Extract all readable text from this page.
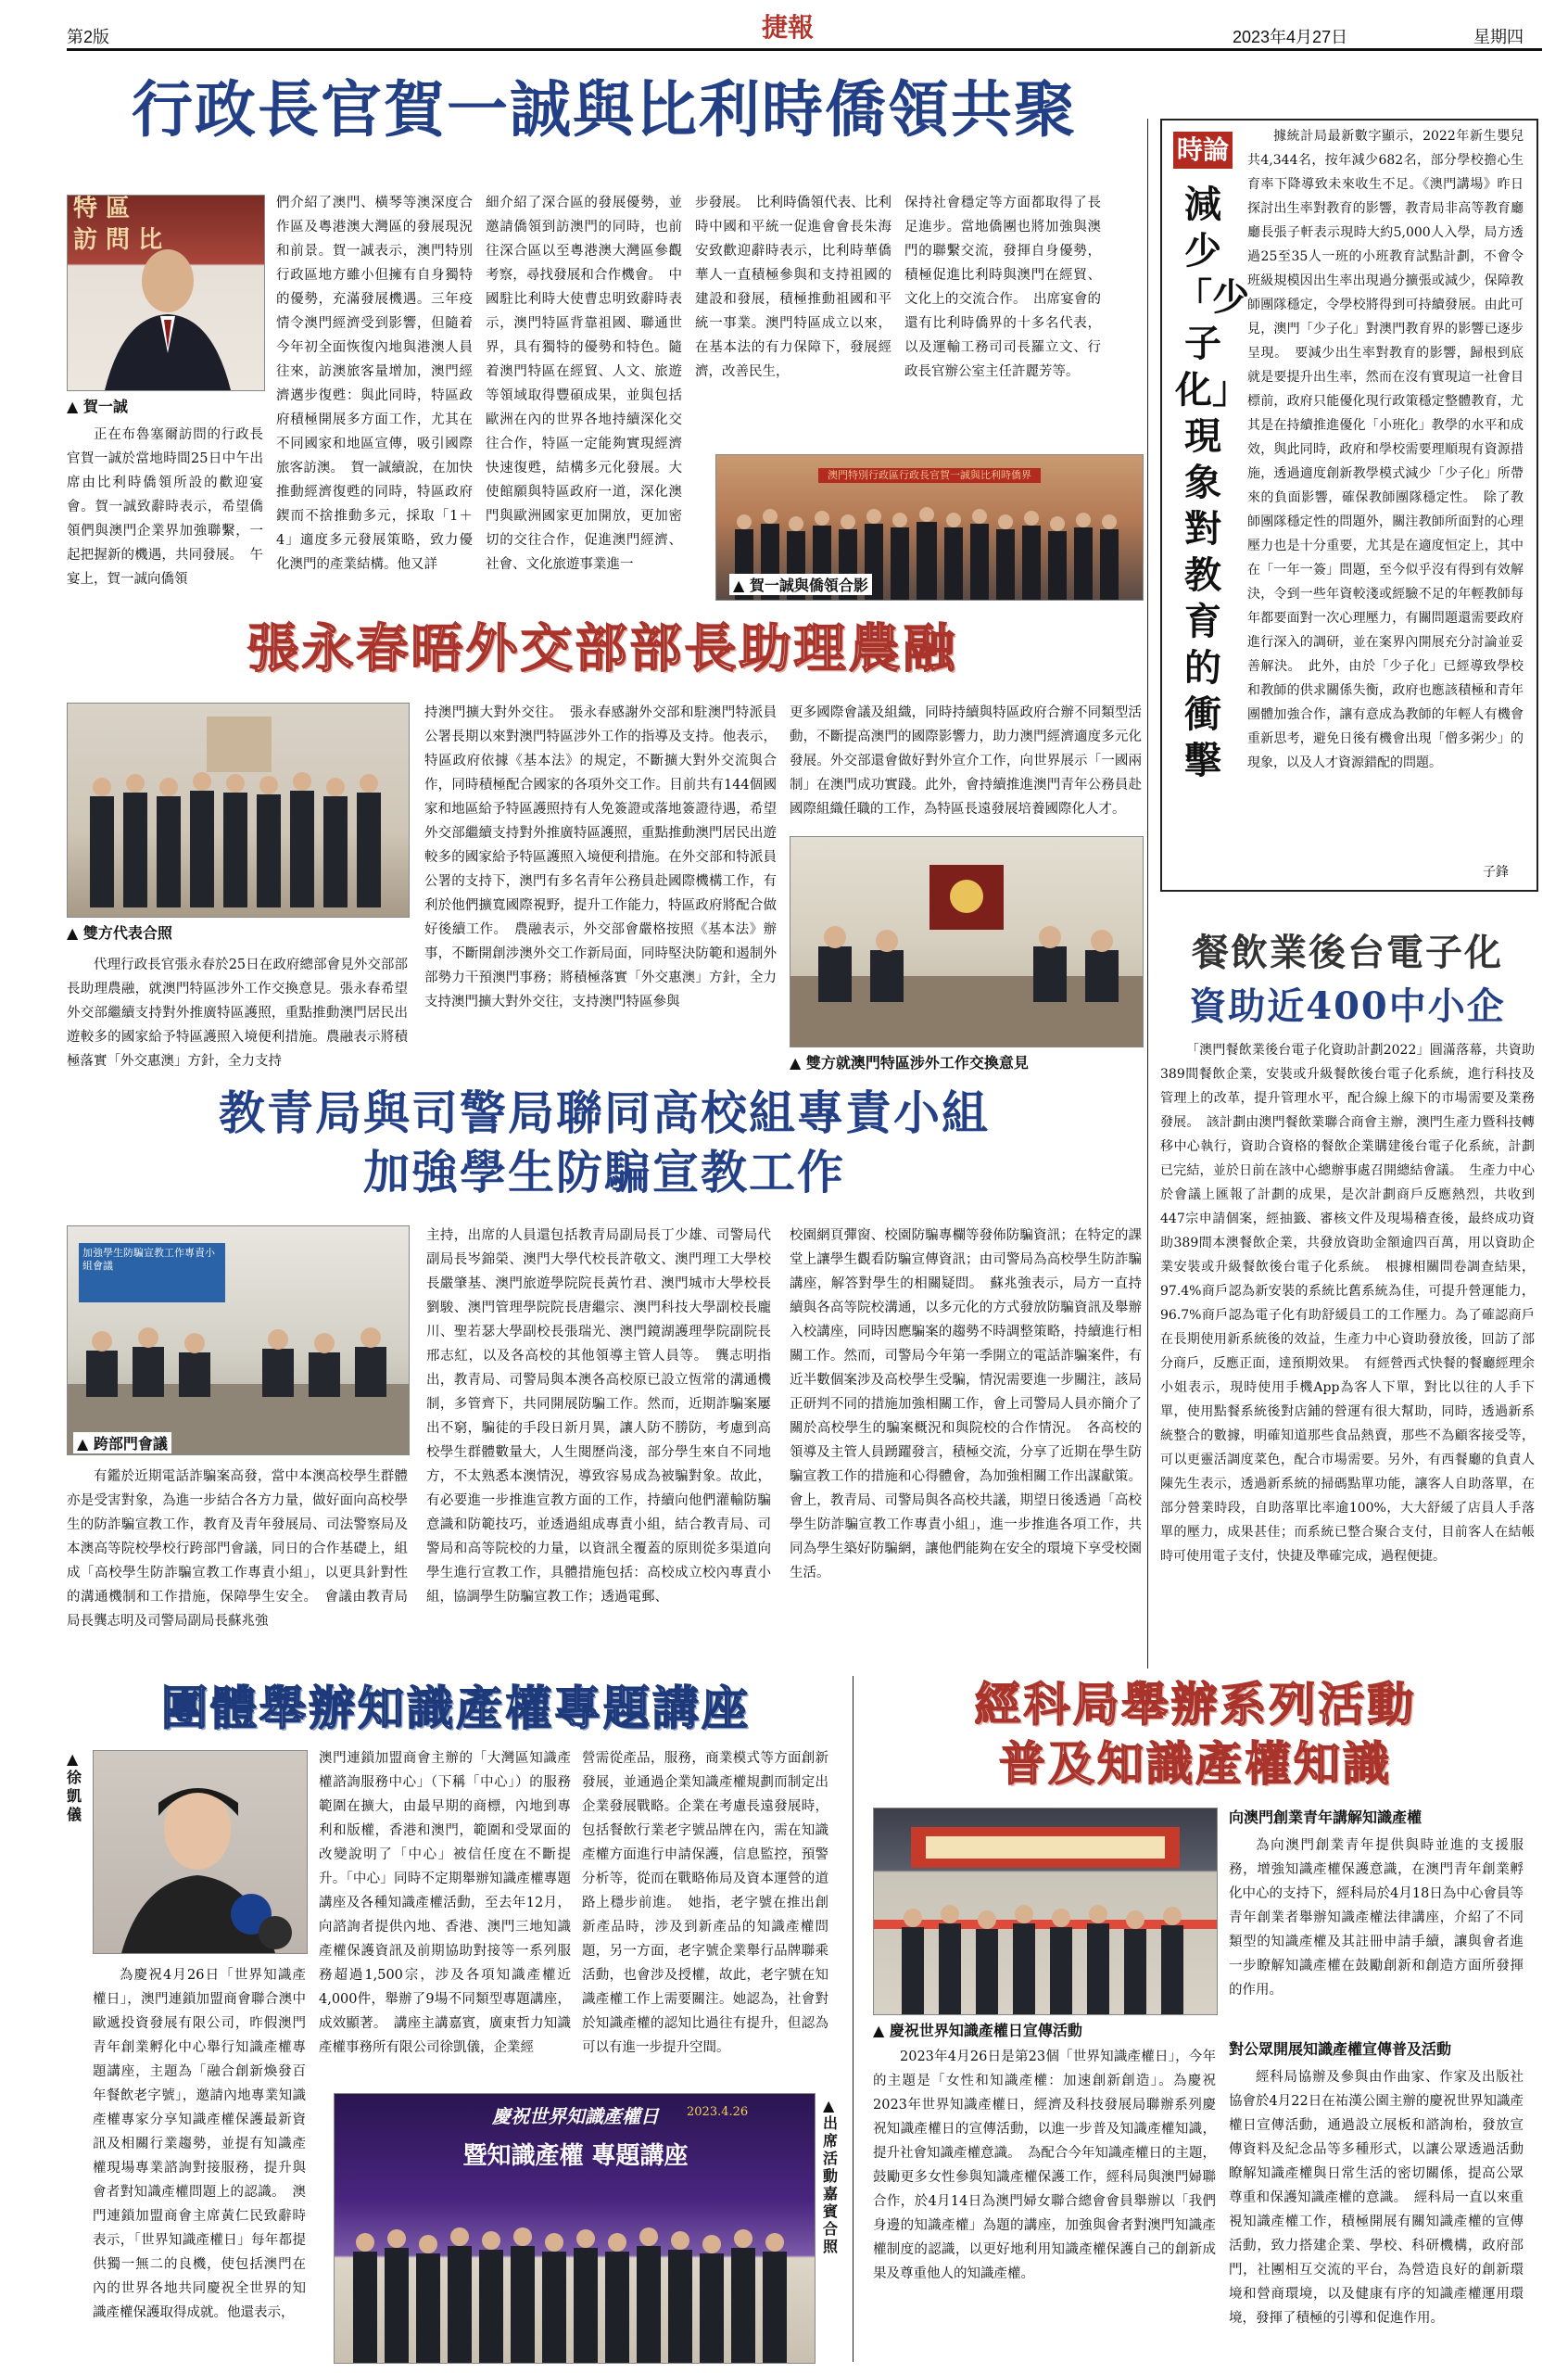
第2版	捷報	2023年4月27日	星期四
行政長官賀一誠與比利時僑領共聚
特 區
訪 問 比
▲ 賀一誠
正在布魯塞爾訪問的行政長官賀一誠於當地時間25日中午出席由比利時僑領所設的歡迎宴會。賀一誠致辭時表示，希望僑領們與澳門企業界加強聯繫，一起把握新的機遇，共同發展。　午宴上，賀一誠向僑領
們介紹了澳門、橫琴等澳深度合作區及粵港澳大灣區的發展現況和前景。賀一誠表示，澳門特別行政區地方雖小但擁有自身獨特的優勢，充滿發展機遇。三年疫情令澳門經濟受到影響，但隨着今年初全面恢復內地與港澳人員往來，訪澳旅客量增加，澳門經濟邁步復甦：與此同時，特區政府積極開展多方面工作，尤其在不同國家和地區宣傳，吸引國際旅客訪澳。　賀一誠續說，在加快推動經濟復甦的同時，特區政府鍥而不捨推動多元，採取「1＋4」適度多元發展策略，致力優化澳門的產業結構。他又詳
細介紹了深合區的發展優勢，並邀請僑領到訪澳門的同時，也前往深合區以至粵港澳大灣區參觀考察，尋找發展和合作機會。　中國駐比利時大使曹忠明致辭時表示，澳門特區背靠祖國、聯通世界，具有獨特的優勢和特色。隨着澳門特區在經貿、人文、旅遊等領域取得豐碩成果，並與包括歐洲在內的世界各地持續深化交往合作，特區一定能夠實現經濟快速復甦，結構多元化發展。大使館願與特區政府一道，深化澳門與歐洲國家更加開放，更加密切的交往合作，促進澳門經濟、社會、文化旅遊事業進一
步發展。　比利時僑領代表、比利時中國和平統一促進會會長朱海安致歡迎辭時表示，比利時華僑華人一直積極參與和支持祖國的建設和發展，積極推動祖國和平統一事業。澳門特區成立以來，在基本法的有力保障下，發展經濟，改善民生，
保持社會穩定等方面都取得了長足進步。當地僑團也將加強與澳門的聯繫交流，發揮自身優勢，積極促進比利時與澳門在經貿、文化上的交流合作。　出席宴會的還有比利時僑界的十多名代表，以及運輸工務司司長羅立文、行政長官辦公室主任許麗芳等。
澳門特別行政區行政長官賀一誠與比利時僑界
▲ 賀一誠與僑領合影
張永春晤外交部部長助理農融
▲ 雙方代表合照
代理行政長官張永春於25日在政府總部會見外交部部長助理農融，就澳門特區涉外工作交換意見。張永春希望外交部繼續支持對外推廣特區護照，重點推動澳門居民出遊較多的國家給予特區護照入境便利措施。農融表示將積極落實「外交惠澳」方針，全力支持
持澳門擴大對外交往。　張永春感謝外交部和駐澳門特派員公署長期以來對澳門特區涉外工作的指導及支持。他表示，特區政府依據《基本法》的規定，不斷擴大對外交流與合作，同時積極配合國家的各項外交工作。目前共有144個國家和地區給予特區護照持有人免簽證或落地簽證待遇，希望外交部繼續支持對外推廣特區護照，重點推動澳門居民出遊較多的國家給予特區護照入境便利措施。在外交部和特派員公署的支持下，澳門有多名青年公務員赴國際機構工作，有利於他們擴寬國際視野，提升工作能力，特區政府將配合做好後續工作。　農融表示，外交部會嚴格按照《基本法》辦事，不斷開創涉澳外交工作新局面，同時堅決防範和遏制外部勢力干預澳門事務；將積極落實「外交惠澳」方針，全力支持澳門擴大對外交往，支持澳門特區參與
更多國際會議及組織，同時持續與特區政府合辦不同類型活動，不斷提高澳門的國際影響力，助力澳門經濟適度多元化發展。外交部還會做好對外宣介工作，向世界展示「一國兩制」在澳門成功實踐。此外，會持續推進澳門青年公務員赴國際組織任職的工作，為特區長遠發展培養國際化人才。
▲ 雙方就澳門特區涉外工作交換意見
教青局與司警局聯同高校組專責小組
加強學生防騙宣教工作
加強學生防騙宣教工作專責小組會議
▲ 跨部門會議
有鑑於近期電話詐騙案高發，當中本澳高校學生群體亦是受害對象，為進一步結合各方力量，做好面向高校學生的防詐騙宣教工作，教育及青年發展局、司法警察局及本澳高等院校學校行跨部門會議，同日的合作基礎上，組成「高校學生防詐騙宣教工作專責小組」，以更具針對性的溝通機制和工作措施，保障學生安全。　會議由教青局局長龔志明及司警局副局長蘇兆強
主持，出席的人員還包括教青局副局長丁少雄、司警局代副局長岑錦榮、澳門大學代校長許敬文、澳門理工大學校長嚴肇基、澳門旅遊學院院長黃竹君、澳門城市大學校長劉駿、澳門管理學院院長唐繼宗、澳門科技大學副校長龐川、聖若瑟大學副校長張瑞光、澳門鏡湖護理學院副院長邢志紅，以及各高校的其他領導主管人員等。　龔志明指出，教青局、司警局與本澳各高校原已設立恆常的溝通機制，多管齊下，共同開展防騙工作。然而，近期詐騙案屢出不窮，騙徒的手段日新月異，讓人防不勝防，考慮到高校學生群體數量大，人生閱歷尚淺，部分學生來自不同地方，不太熟悉本澳情況，導致容易成為被騙對象。故此，有必要進一步推進宣教方面的工作，持續向他們灌輸防騙意識和防範技巧，並透過組成專責小組，結合教青局、司警局和高等院校的力量，以資訊全覆蓋的原則從多渠道向學生進行宣教工作，具體措施包括：高校成立校內專責小組，協調學生防騙宣教工作；透過電郵、
校園網頁彈窗、校園防騙專欄等發佈防騙資訊；在特定的課堂上讓學生觀看防騙宣傳資訊；由司警局為高校學生防詐騙講座，解答對學生的相關疑問。　蘇兆強表示，局方一直持續與各高等院校溝通，以多元化的方式發放防騙資訊及舉辦入校講座，同時因應騙案的趨勢不時調整策略，持續進行相關工作。然而，司警局今年第一季開立的電話詐騙案件，有近半數個案涉及高校學生受騙，情況需要進一步關注，該局正研判不同的措施加強相關工作，會上司警局人員亦簡介了關於高校學生的騙案概況和與院校的合作情況。　各高校的領導及主管人員踴躍發言，積極交流，分享了近期在學生防騙宣教工作的措施和心得體會，為加強相關工作出謀獻策。會上，教青局、司警局與各高校共議，期望日後透過「高校學生防詐騙宣教工作專責小組」，進一步推進各項工作，共同為學生築好防騙網，讓他們能夠在安全的環境下享受校園生活。
團體舉辦知識產權專題講座
▲ 徐凱儀
為慶祝4月26日「世界知識產權日」，澳門連鎖加盟商會聯合澳中歐遞投資發展有限公司，昨假澳門青年創業孵化中心舉行知識產權專題講座，主題為「融合創新煥發百年餐飲老字號」，邀請內地專業知識產權專家分享知識產權保護最新資訊及相關行業趨勢，並提有知識產權現場專業諮詢對接服務，提升與會者對知識產權問題上的認識。　澳門連鎖加盟商會主席黃仁民致辭時表示，「世界知識產權日」每年都提供獨一無二的良機，使包括澳門在內的世界各地共同慶祝全世界的知識產權保護取得成就。他還表示，
澳門連鎖加盟商會主辦的「大灣區知識產權諮詢服務中心」（下稱「中心」）的服務範圍在擴大，由最早期的商標，內地到專利和版權，香港和澳門，範圍和受眾面的改變說明了「中心」被信任度在不斷提升。「中心」同時不定期舉辦知識產權專題講座及各種知識產權活動，至去年12月，向諮詢者提供內地、香港、澳門三地知識產權保護資訊及前期協助對接等一系列服務超過1,500宗，涉及各項知識產權近4,000件，舉辦了9場不同類型專題講座，成效顯著。　講座主講嘉賓，廣東哲力知識產權事務所有限公司徐凱儀，企業經
營需從產品，服務，商業模式等方面創新發展，並通過企業知識產權規劃而制定出企業發展戰略。企業在考慮長遠發展時，包括餐飲行業老字號品牌在內，需在知識產權方面進行申請保護，信息監控，預警分析等，從而在戰略佈局及資本運營的道路上穩步前進。　她指，老字號在推出創新產品時，涉及到新產品的知識產權問題，另一方面，老字號企業舉行品牌聯乘活動，也會涉及授權，故此，老字號在知識產權工作上需要關注。她認為，社會對於知識產權的認知比過往有提升，但認為可以有進一步提升空間。
慶祝世界知識產權日	2023.4.26
暨知識產權 專題講座
▲ 出席活動嘉賓合照
經科局舉辦系列活動
普及知識產權知識
▲ 慶祝世界知識產權日宣傳活動
2023年4月26日是第23個「世界知識產權日」，今年的主題是「女性和知識產權：加速創新創造」。為慶祝2023年世界知識產權日，經濟及科技發展局聯辦系列慶祝知識產權日的宣傳活動，以進一步普及知識產權知識，提升社會知識產權意識。　為配合今年知識產權日的主題，鼓勵更多女性參與知識產權保護工作，經科局與澳門婦聯合作，於4月14日為澳門婦女聯合總會會員舉辦以「我們身邊的知識產權」為題的講座，加強與會者對澳門知識產權制度的認識，以更好地利用知識產權保護自己的創新成果及尊重他人的知識產權。
向澳門創業青年講解知識產權
為向澳門創業青年提供與時並進的支援服務，增強知識產權保護意識，在澳門青年創業孵化中心的支持下，經科局於4月18日為中心會員等青年創業者舉辦知識產權法律講座，介紹了不同類型的知識產權及其註冊申請手續，讓與會者進一步瞭解知識產權在鼓勵創新和創造方面所發揮的作用。
對公眾開展知識產權宣傳普及活動
經科局協辦及參與由作曲家、作家及出版社協會於4月22日在祐漢公園主辦的慶祝世界知識產權日宣傳活動，通過設立展板和諮詢枱，發放宣傳資料及紀念品等多種形式，以讓公眾透過活動瞭解知識產權與日常生活的密切關係，提高公眾尊重和保護知識產權的意識。　經科局一直以來重視知識產權工作，積極開展有關知識產權的宣傳活動，致力搭建企業、學校、科研機構，政府部門，社團相互交流的平台，為營造良好的創新環境和營商環境，以及健康有序的知識產權運用環境，發揮了積極的引導和促進作用。
時論
減少「少子化」現象對教育的衝擊
據統計局最新數字顯示，2022年新生嬰兒共4,344名，按年減少682名，部分學校擔心生育率下降導致未來收生不足。《澳門講場》昨日探討出生率對教育的影響，教青局非高等教育廳廳長張子軒表示現時大約5,000人入學，局方透過25至35人一班的小班教育試點計劃，不會令班級規模因出生率出現過分擴張或減少，保障教師團隊穩定，令學校將得到可持續發展。由此可見，澳門「少子化」對澳門教育界的影響已逐步呈現。　要減少出生率對教育的影響，歸根到底就是要提升出生率，然而在沒有實現這一社會目標前，政府只能優化現行政策穩定整體教育，尤其是在持續推進優化「小班化」教學的水平和成效，與此同時，政府和學校需要理順現有資源措施，透過適度創新教學模式減少「少子化」所帶來的負面影響，確保教師團隊穩定性。　除了教師團隊穩定性的問題外，關注教師所面對的心理壓力也是十分重要，尤其是在適度恒定上，其中在「一年一簽」問題，至今似乎沒有得到有效解決，令到一些年資較淺或經驗不足的年輕教師每年都要面對一次心理壓力，有關問題還需要政府進行深入的調研，並在案界內開展充分討論並妥善解決。　此外，由於「少子化」已經導致學校和教師的供求關係失衡，政府也應該積極和青年團體加強合作，讓有意成為教師的年輕人有機會重新思考，避免日後有機會出現「僧多粥少」的現象，以及人才資源錯配的問題。
子鋒
餐飲業後台電子化
資助近400中小企
「澳門餐飲業後台電子化資助計劃2022」圓滿落幕，共資助389間餐飲企業，安裝或升級餐飲後台電子化系統，進行科技及管理上的改革，提升管理水平，配合線上線下的市場需要及業務發展。　該計劃由澳門餐飲業聯合商會主辦，澳門生產力暨科技轉移中心執行，資助合資格的餐飲企業購建後台電子化系統，計劃已完結，並於日前在該中心總辦事處召開總結會議。　生產力中心於會議上匯報了計劃的成果，是次計劃商戶反應熱烈，共收到447宗申請個案，經抽籤、審核文件及現場稽查後，最終成功資助389間本澳餐飲企業，共發放資助金額逾四百萬，用以資助企業安裝或升級餐飲後台電子化系統。　根據相關問卷調查結果，97.4%商戶認為新安裝的系統比舊系統為佳，可提升營運能力，96.7%商戶認為電子化有助舒緩員工的工作壓力。為了確認商戶在長期使用新系統後的效益，生產力中心資助發放後，回訪了部分商戶，反應正面，達預期效果。　有經營西式快餐的餐廳經理余小姐表示，現時使用手機App為客人下單，對比以往的人手下單，使用點餐系統後對店鋪的營運有很大幫助，同時，透過新系統整合的數據，明確知道那些食品熱賣，那些不為顧客接受等，可以更靈活調度菜色，配合市場需要。另外，有西餐廳的負責人陳先生表示，透過新系統的掃碼點單功能，讓客人自助落單，在部分營業時段，自助落單比率逾100%，大大舒緩了店員人手落單的壓力，成果甚佳；而系統已整合聚合支付，目前客人在結帳時可使用電子支付，快捷及準確完成，過程便捷。
